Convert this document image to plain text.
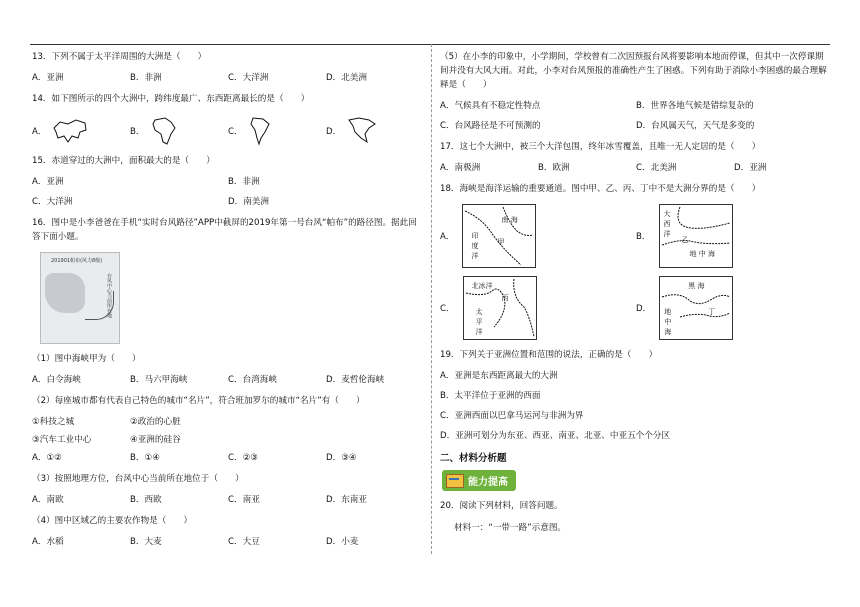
13．下列不属于太平洋周围的大洲是（　　）
A．亚洲	B．非洲	C．大洋洲	D．北美洲
14．如下图所示的四个大洲中，跨纬度最广、东西距离最长的是（　　）
A．	B．	C．	D．
15．赤道穿过的大洲中，面积最大的是（　　）
A．亚洲	B．非洲
C．大洋洲	D．南美洲
16．图中是小李爸爸在手机“实时台风路径”APP中截屏的2019年第一号台风“帕布”的路径图。据此回答下面小题。
201901帕布(风力8级)
台风中心当前所在地
（1）图中海峡甲为（　　）
A．白令海峡	B．马六甲海峡	C．台湾海峡	D．麦哲伦海峡
（2）每座城市都有代表自己特色的城市“名片”，符合班加罗尔的城市“名片”有（　　）
①科技之城	②政治的心脏
③汽车工业中心	④亚洲的硅谷
A．①②	B．①④	C．②③	D．③④
（3）按照地理方位，台风中心当前所在地位于（　　）
A．南欧	B．西欧	C．南亚	D．东南亚
（4）图中区域乙的主要农作物是（　　）
A．水稻	B．大麦	C．大豆	D．小麦
（5）在小李的印象中，小学期间，学校曾有二次因预报台风将要影响本地而停课，但其中一次停课期间并没有大风大雨。对此，小李对台风预报的准确性产生了困惑。下列有助于消除小李困惑的最合理解释是（　　）
A．气候具有不稳定性特点	B．世界各地气候是错综复杂的
C．台风路径是不可预测的	D．台风属天气，天气是多变的
17．这七个大洲中，被三个大洋包围，终年冰雪覆盖，且唯一无人定居的是（　　）
A．南极洲	B．欧洲	C．北美洲	D．亚洲
18．海峡是海洋运输的重要通道。图中甲、乙、丙、丁中不是大洲分界的是（　　）
A．
南 海
印
度
洋
甲	B．
大
西
洋
地 中 海
乙
C．
北冰洋
丙
太
平
洋
D．
黑 海
地
中
海
丁
19．下列关于亚洲位置和范围的说法，正确的是（　　）
A．亚洲是东西距离最大的大洲
B．太平洋位于亚洲的西面
C．亚洲西面以巴拿马运河与非洲为界
D．亚洲可划分为东亚、西亚、南亚、北亚、中亚五个个分区
二、材料分析题
能力提高
20．阅读下列材料，回答问题。
材料一：“一带一路”示意图。
